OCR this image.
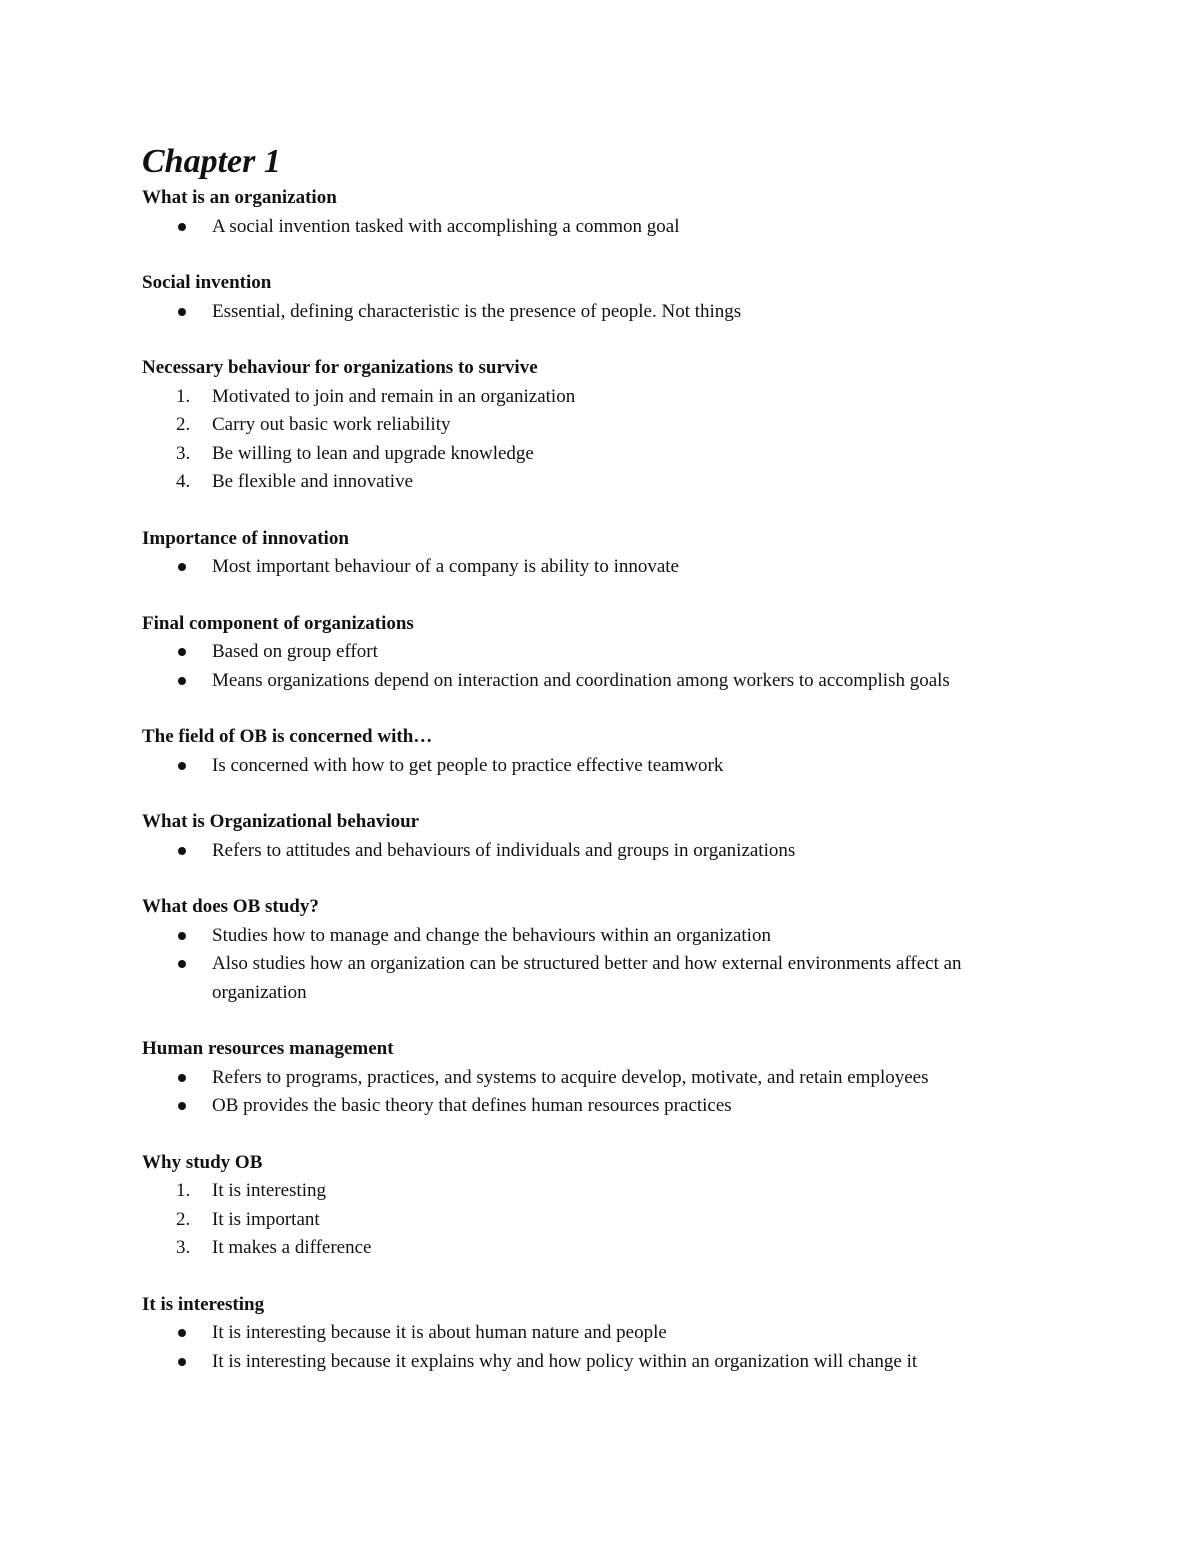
Chapter 1
What is an organization
A social invention tasked with accomplishing a common goal
Social invention
Essential, defining characteristic is the presence of people. Not things
Necessary behaviour for organizations to survive
1.	Motivated to join and remain in an organization
2.	Carry out basic work reliability
3.	Be willing to lean and upgrade knowledge
4.	Be flexible and innovative
Importance of innovation
Most important behaviour of a company is ability to innovate
Final component of organizations
Based on group effort
Means organizations depend on interaction and coordination among workers to accomplish goals
The field of OB is concerned with…
Is concerned with how to get people to practice effective teamwork
What is Organizational behaviour
Refers to attitudes and behaviours of individuals and groups in organizations
What does OB study?
Studies how to manage and change the behaviours within an organization
Also studies how an organization can be structured better and how external environments affect an organization
Human resources management
Refers to programs, practices, and systems to acquire develop, motivate, and retain employees
OB provides the basic theory that defines human resources practices
Why study OB
1.	It is interesting
2.	It is important
3.	It makes a difference
It is interesting
It is interesting because it is about human nature and people
It is interesting because it explains why and how policy within an organization will change it
